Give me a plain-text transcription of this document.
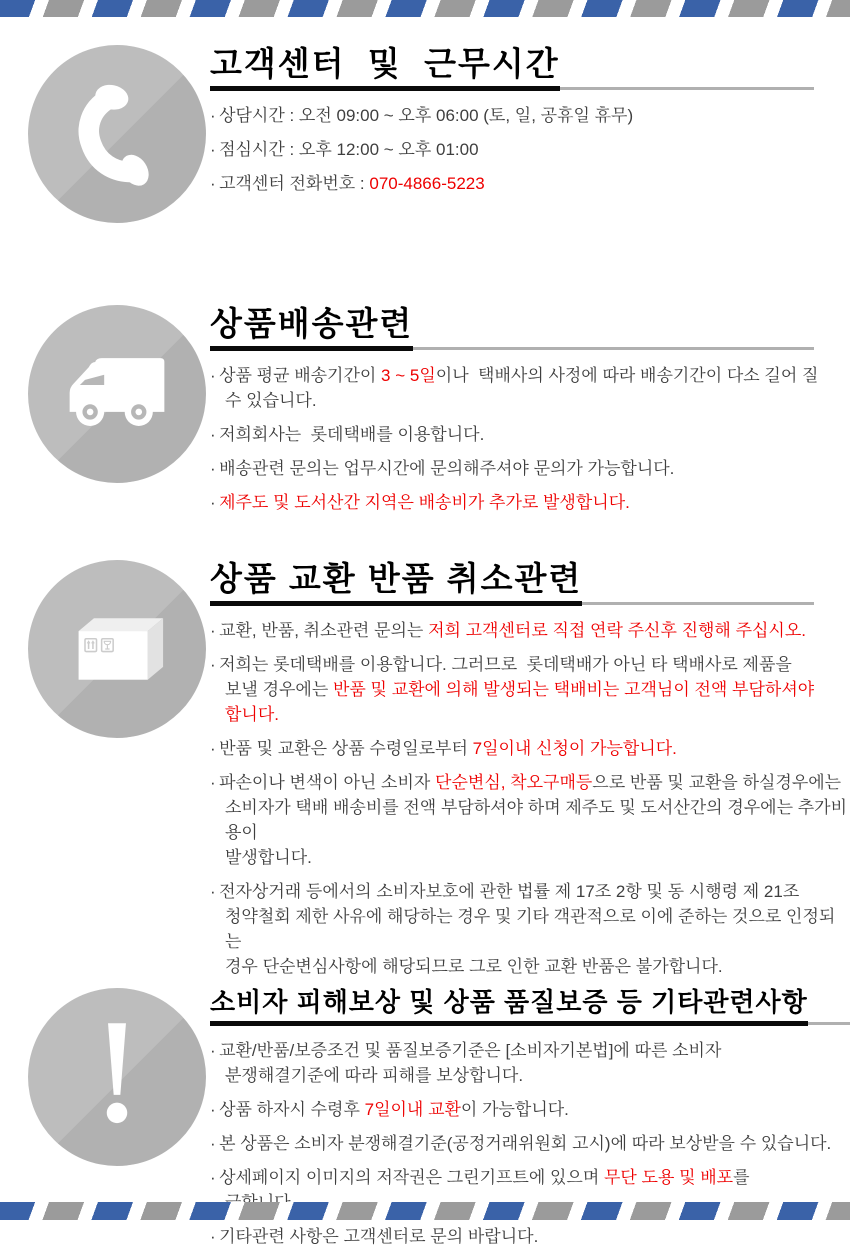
고객센터  및  근무시간

· 상담시간 : 오전 09:00 ~ 오후 06:00 (토, 일, 공휴일 휴무)

· 점심시간 : 오후 12:00 ~ 오후 01:00

· 고객센터 전화번호 : 070-4866-5223

상품배송관련

· 상품 평균 배송기간이 3 ~ 5일이나  택배사의 사정에 따라 배송기간이 다소 길어 질
수 있습니다.

· 저희회사는  롯데택배를 이용합니다.

· 배송관련 문의는 업무시간에 문의해주셔야 문의가 가능합니다.

· 제주도 및 도서산간 지역은 배송비가 추가로 발생합니다.

상품 교환 반품 취소관련

· 교환, 반품, 취소관련 문의는 저희 고객센터로 직접 연락 주신후 진행해 주십시오.

· 저희는 롯데택배를 이용합니다. 그러므로  롯데택배가 아닌 타 택배사로 제품을
보낼 경우에는 반품 및 교환에 의해 발생되는 택배비는 고객님이 전액 부담하셔야
합니다.

· 반품 및 교환은 상품 수령일로부터 7일이내 신청이 가능합니다.

· 파손이나 변색이 아닌 소비자 단순변심, 착오구매등으로 반품 및 교환을 하실경우에는
소비자가 택배 배송비를 전액 부담하셔야 하며 제주도 및 도서산간의 경우에는 추가비용이
발생합니다.

· 전자상거래 등에서의 소비자보호에 관한 법률 제 17조 2항 및 동 시행령 제 21조
청약철회 제한 사유에 해당하는 경우 및 기타 객관적으로 이에 준하는 것으로 인정되는
경우 단순변심사항에 해당되므로 그로 인한 교환 반품은 불가합니다.

소비자 피해보상 및 상품 품질보증 등 기타관련사항

· 교환/반품/보증조건 및 품질보증기준은 [소비자기본법]에 따른 소비자
분쟁해결기준에 따라 피해를 보상합니다.

· 상품 하자시 수령후 7일이내 교환이 가능합니다.

· 본 상품은 소비자 분쟁해결기준(공정거래위원회 고시)에 따라 보상받을 수 있습니다.

· 상세페이지 이미지의 저작권은 그린기프트에 있으며 무단 도용 및 배포를

· 기타관련 사항은 고객센터로 문의 바랍니다.
